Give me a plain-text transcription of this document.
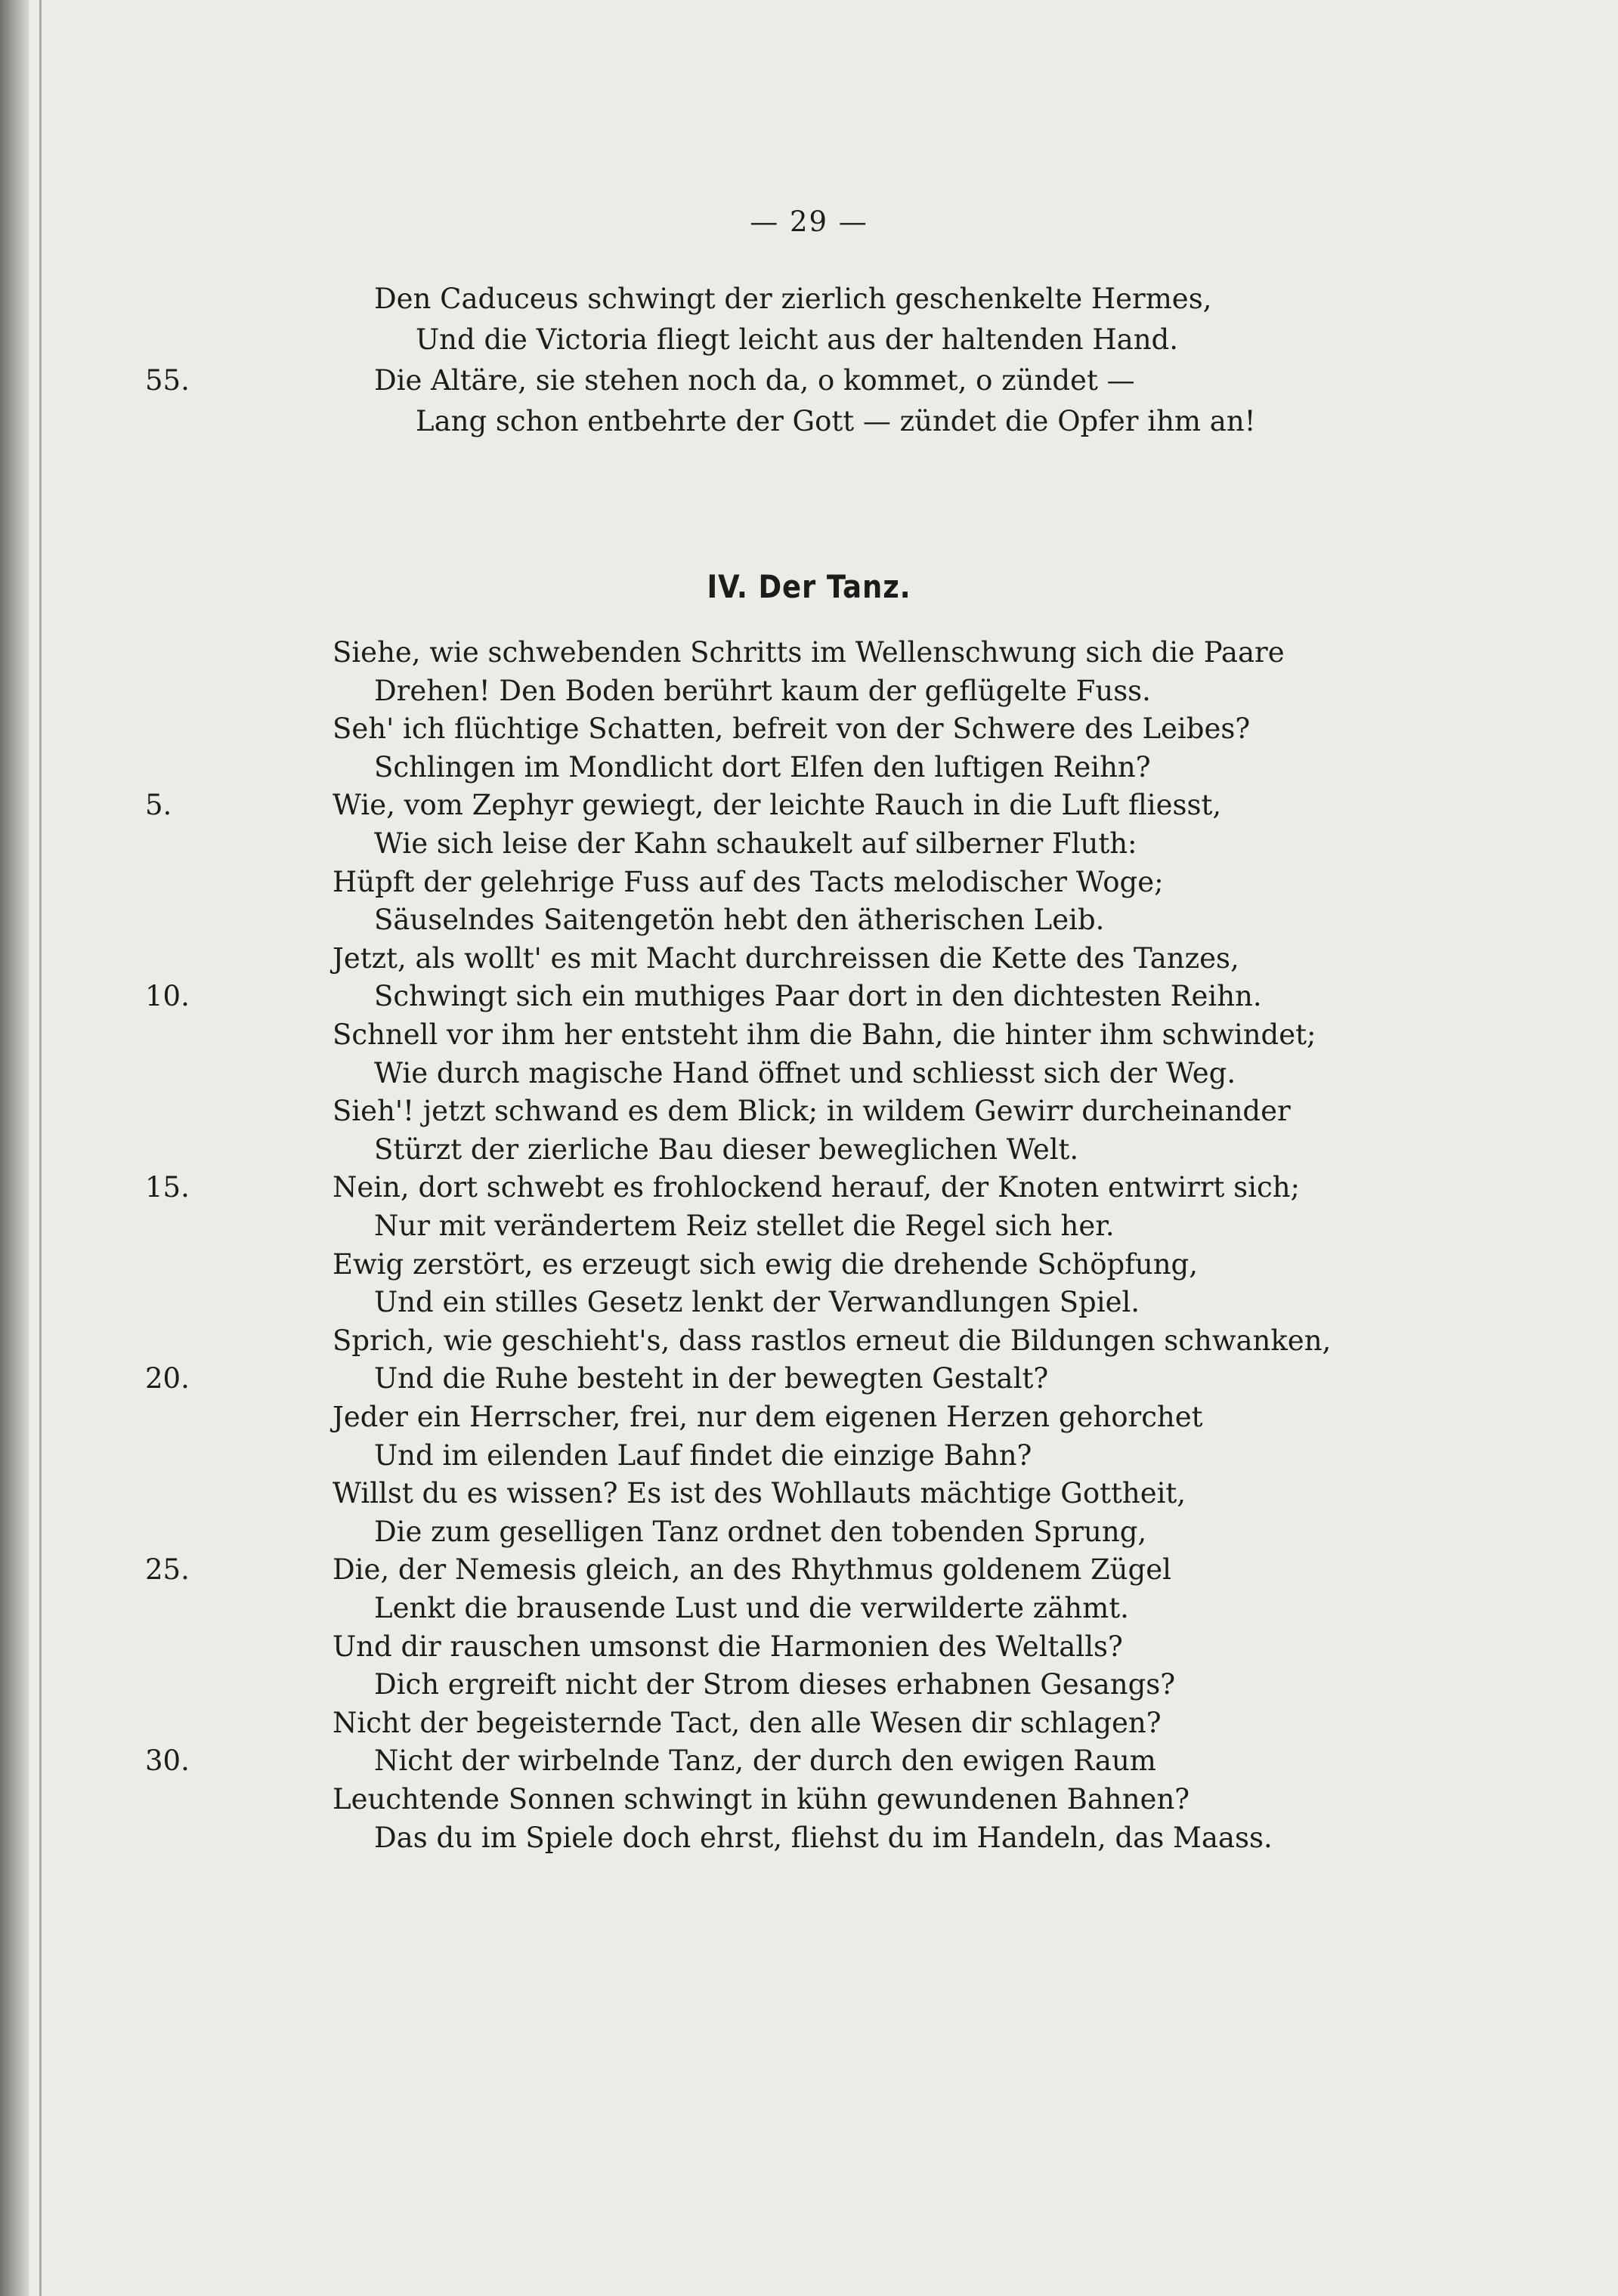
— 29 —
Den Caduceus schwingt der zierlich geschenkelte Hermes,
Und die Victoria fliegt leicht aus der haltenden Hand.
55.	Die Altäre, sie stehen noch da, o kommet, o zündet —
Lang schon entbehrte der Gott — zündet die Opfer ihm an!
IV. Der Tanz.
Siehe, wie schwebenden Schritts im Wellenschwung sich die Paare
Drehen! Den Boden berührt kaum der geflügelte Fuss.
Seh' ich flüchtige Schatten, befreit von der Schwere des Leibes?
Schlingen im Mondlicht dort Elfen den luftigen Reihn?
5.	Wie, vom Zephyr gewiegt, der leichte Rauch in die Luft fliesst,
Wie sich leise der Kahn schaukelt auf silberner Fluth:
Hüpft der gelehrige Fuss auf des Tacts melodischer Woge;
Säuselndes Saitengetön hebt den ätherischen Leib.
Jetzt, als wollt' es mit Macht durchreissen die Kette des Tanzes,
10.	Schwingt sich ein muthiges Paar dort in den dichtesten Reihn.
Schnell vor ihm her entsteht ihm die Bahn, die hinter ihm schwindet;
Wie durch magische Hand öffnet und schliesst sich der Weg.
Sieh'! jetzt schwand es dem Blick; in wildem Gewirr durcheinander
Stürzt der zierliche Bau dieser beweglichen Welt.
15.	Nein, dort schwebt es frohlockend herauf, der Knoten entwirrt sich;
Nur mit verändertem Reiz stellet die Regel sich her.
Ewig zerstört, es erzeugt sich ewig die drehende Schöpfung,
Und ein stilles Gesetz lenkt der Verwandlungen Spiel.
Sprich, wie geschieht's, dass rastlos erneut die Bildungen schwanken,
20.	Und die Ruhe besteht in der bewegten Gestalt?
Jeder ein Herrscher, frei, nur dem eigenen Herzen gehorchet
Und im eilenden Lauf findet die einzige Bahn?
Willst du es wissen? Es ist des Wohllauts mächtige Gottheit,
Die zum geselligen Tanz ordnet den tobenden Sprung,
25.	Die, der Nemesis gleich, an des Rhythmus goldenem Zügel
Lenkt die brausende Lust und die verwilderte zähmt.
Und dir rauschen umsonst die Harmonien des Weltalls?
Dich ergreift nicht der Strom dieses erhabnen Gesangs?
Nicht der begeisternde Tact, den alle Wesen dir schlagen?
30.	Nicht der wirbelnde Tanz, der durch den ewigen Raum
Leuchtende Sonnen schwingt in kühn gewundenen Bahnen?
Das du im Spiele doch ehrst, fliehst du im Handeln, das Maass.
